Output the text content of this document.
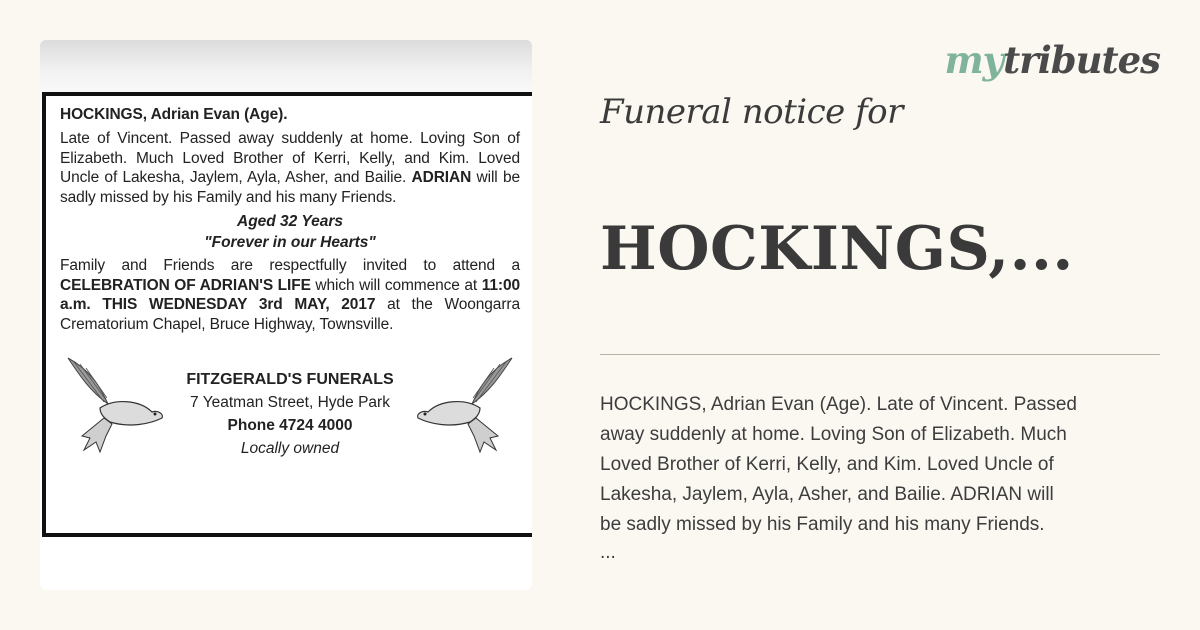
HOCKINGS, Adrian Evan (Age).

Late of Vincent. Passed away suddenly at home. Loving Son of Elizabeth. Much Loved Brother of Kerri, Kelly, and Kim. Loved Uncle of Lakesha, Jaylem, Ayla, Asher, and Bailie. ADRIAN will be sadly missed by his Family and his many Friends.

Aged 32 Years
"Forever in our Hearts"

Family and Friends are respectfully invited to attend a CELEBRATION OF ADRIAN'S LIFE which will commence at 11:00 a.m. THIS WEDNESDAY 3rd MAY, 2017 at the Woongarra Crematorium Chapel, Bruce Highway, Townsville.

FITZGERALD'S FUNERALS
7 Yeatman Street, Hyde Park
Phone 4724 4000
Locally owned
mytributes
Funeral notice for
HOCKINGS,...
HOCKINGS, Adrian Evan (Age). Late of Vincent. Passed
away suddenly at home. Loving Son of Elizabeth. Much
Loved Brother of Kerri, Kelly, and Kim. Loved Uncle of
Lakesha, Jaylem, Ayla, Asher, and Bailie. ADRIAN will
be sadly missed by his Family and his many Friends.
...
